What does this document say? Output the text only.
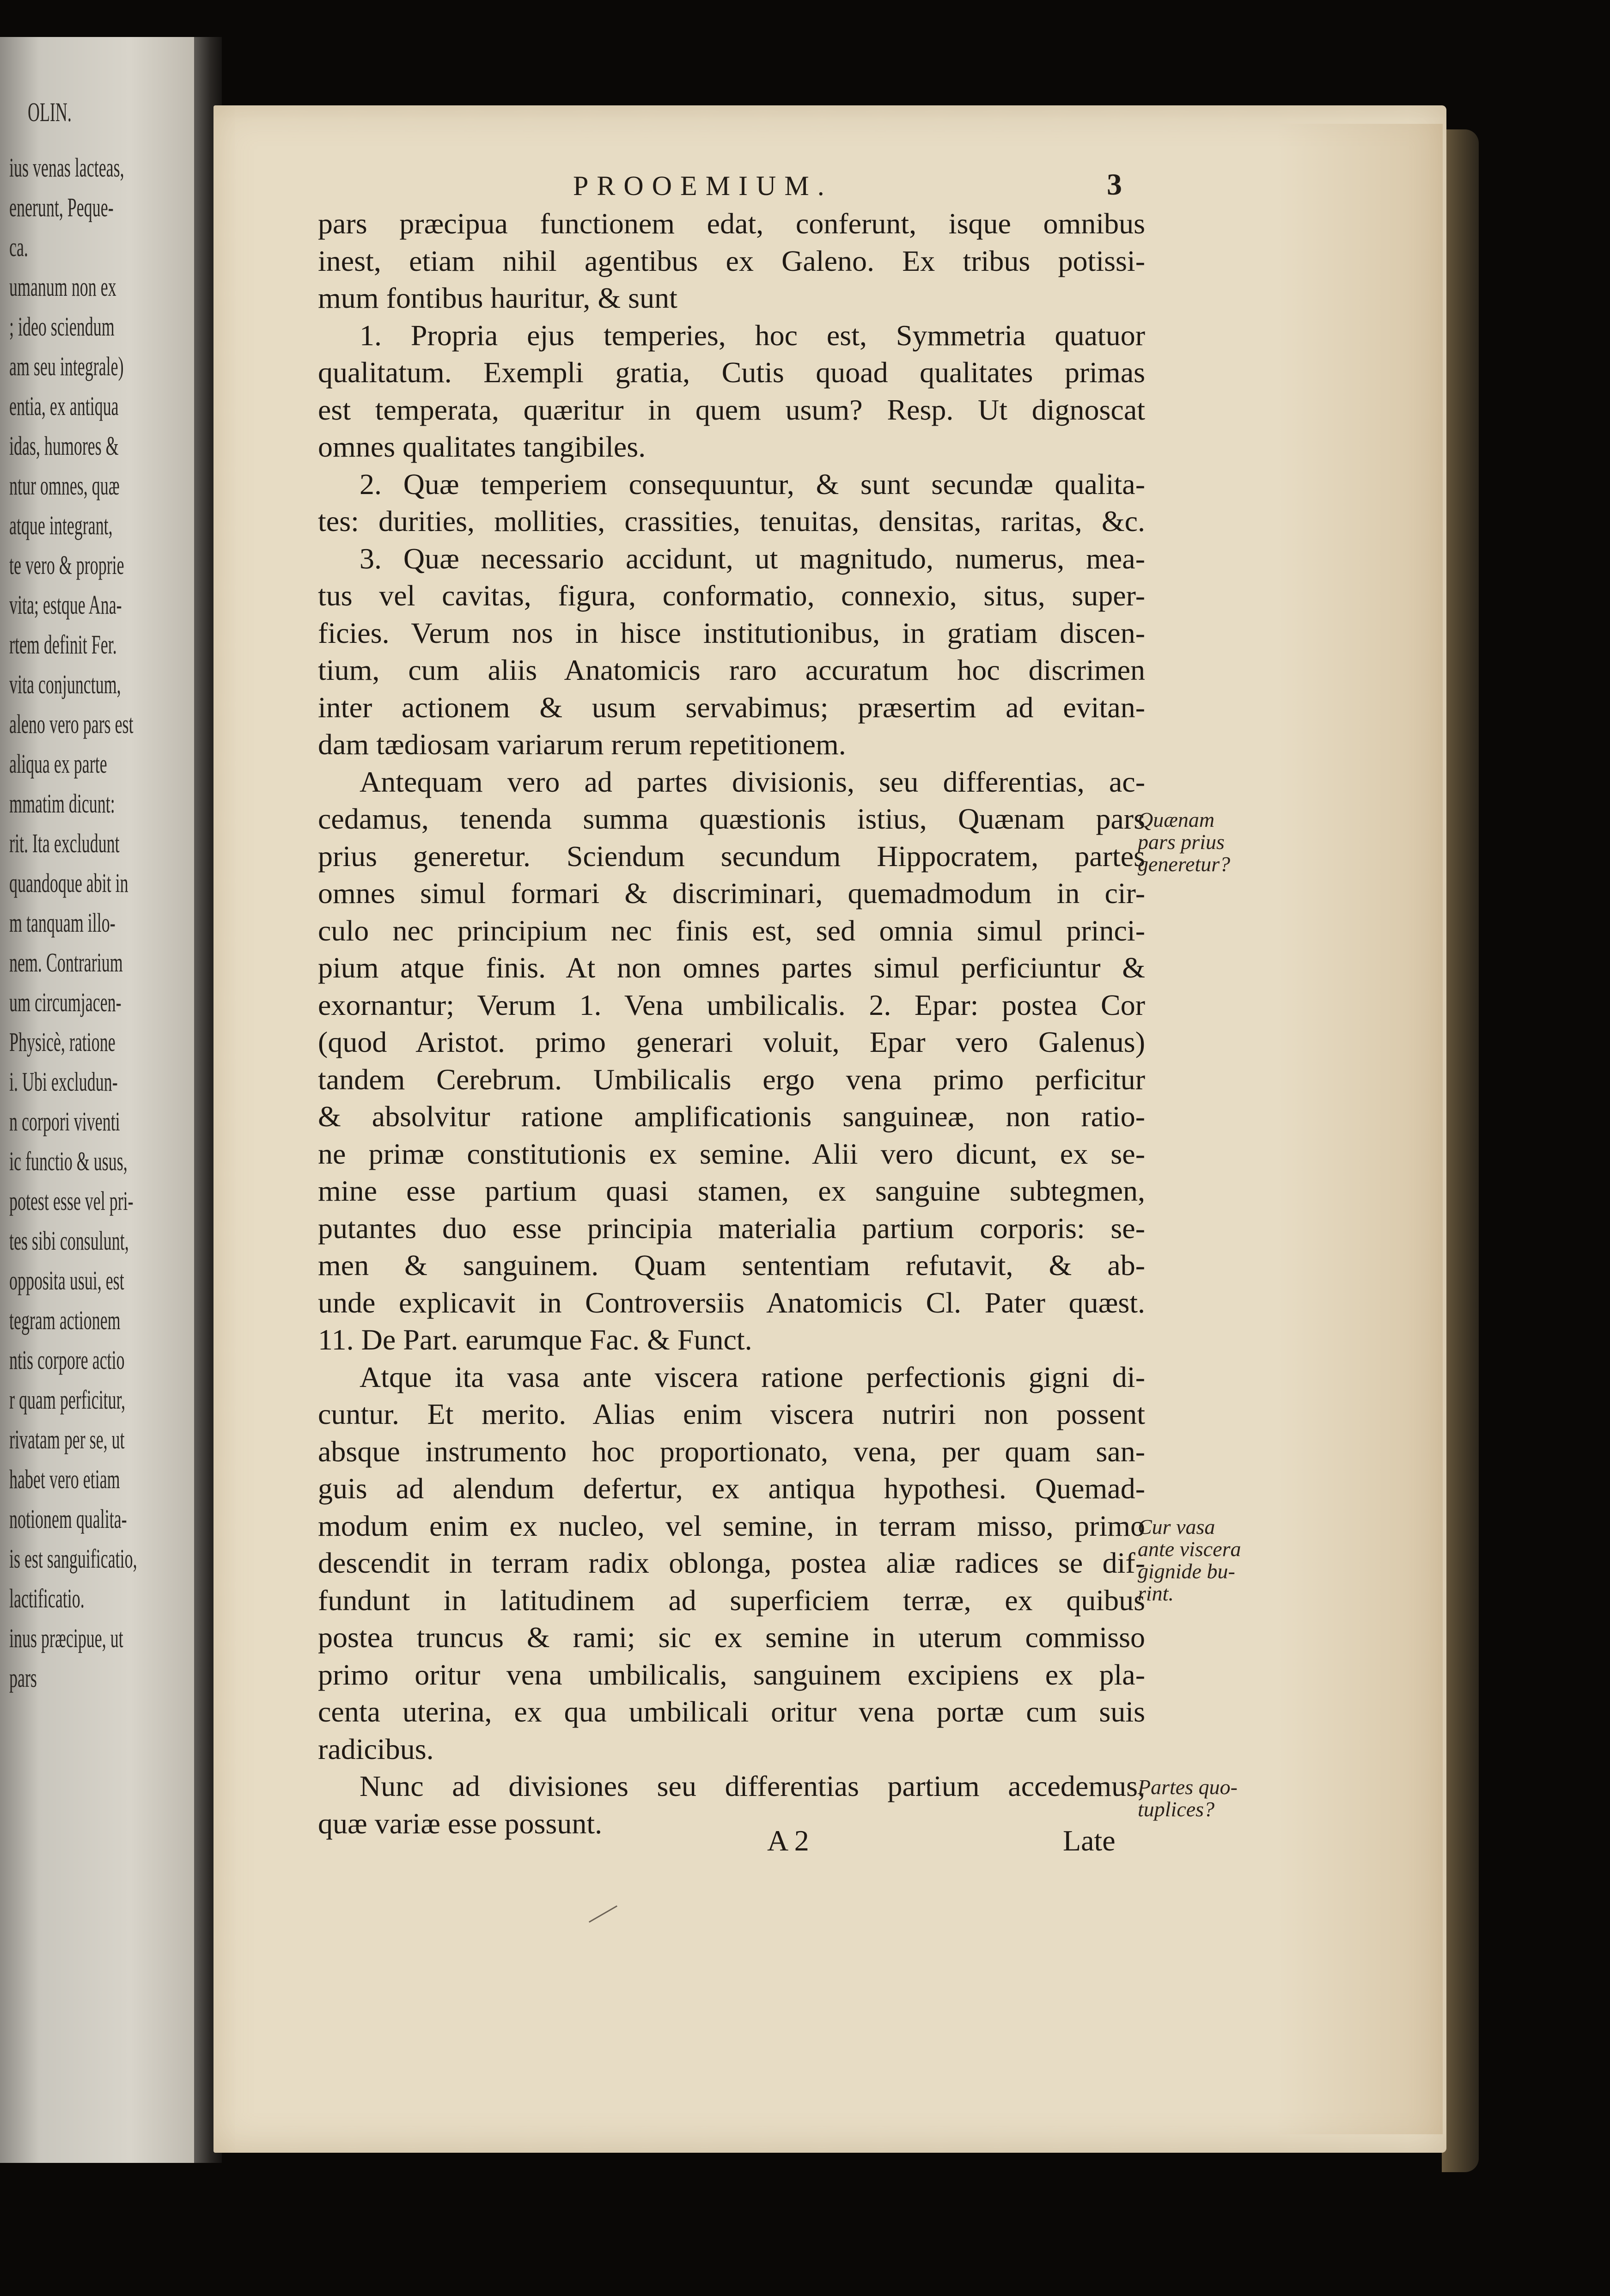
OLIN.
ius venas lacteas,
enerunt, Peque-
ca.
umanum non ex
; ideo sciendum
am seu integrale)
entia, ex antiqua
idas, humores &
ntur omnes, quæ
atque integrant,
te vero & proprie
vita; estque Ana-
rtem definit Fer.
vita conjunctum,
aleno vero pars est
aliqua ex parte
mmatim dicunt:
rit. Ita excludunt
quandoque abit in
m tanquam illo-
nem. Contrarium
um circumjacen-
Physicè, ratione
i. Ubi excludun-
n corpori viventi
ic functio & usus,
potest esse vel pri-
tes sibi consulunt,
opposita usui, est
tegram actionem
ntis corpore actio
r quam perficitur,
rivatam per se, ut
habet vero etiam
notionem qualita-
is est sanguificatio,
lactificatio.
inus præcipue, ut
pars
PROOEMIUM.	3
pars præcipua functionem edat, conferunt, isque omnibus
inest, etiam nihil agentibus ex Galeno. Ex tribus potissi-
mum fontibus hauritur, & sunt
1. Propria ejus temperies, hoc est, Symmetria quatuor
qualitatum. Exempli gratia, Cutis quoad qualitates primas
est temperata, quæritur in quem usum? Resp. Ut dignoscat
omnes qualitates tangibiles.
2. Quæ temperiem consequuntur, & sunt secundæ qualita-
tes: durities, mollities, crassities, tenuitas, densitas, raritas, &c.
3. Quæ necessario accidunt, ut magnitudo, numerus, mea-
tus vel cavitas, figura, conformatio, connexio, situs, super-
ficies. Verum nos in hisce institutionibus, in gratiam discen-
tium, cum aliis Anatomicis raro accuratum hoc discrimen
inter actionem & usum servabimus; præsertim ad evitan-
dam tædiosam variarum rerum repetitionem.
Antequam vero ad partes divisionis, seu differentias, ac-
cedamus, tenenda summa quæstionis istius, Quænam pars
prius generetur. Sciendum secundum Hippocratem, partes
omnes simul formari & discriminari, quemadmodum in cir-
culo nec principium nec finis est, sed omnia simul princi-
pium atque finis. At non omnes partes simul perficiuntur &
exornantur; Verum 1. Vena umbilicalis. 2. Epar: postea Cor
(quod Aristot. primo generari voluit, Epar vero Galenus)
tandem Cerebrum. Umbilicalis ergo vena primo perficitur
& absolvitur ratione amplificationis sanguineæ, non ratio-
ne primæ constitutionis ex semine. Alii vero dicunt, ex se-
mine esse partium quasi stamen, ex sanguine subtegmen,
putantes duo esse principia materialia partium corporis: se-
men & sanguinem. Quam sententiam refutavit, & ab-
unde explicavit in Controversiis Anatomicis Cl. Pater quæst.
11. De Part. earumque Fac. & Funct.
Atque ita vasa ante viscera ratione perfectionis gigni di-
cuntur. Et merito. Alias enim viscera nutriri non possent
absque instrumento hoc proportionato, vena, per quam san-
guis ad alendum defertur, ex antiqua hypothesi. Quemad-
modum enim ex nucleo, vel semine, in terram misso, primo
descendit in terram radix oblonga, postea aliæ radices se dif-
fundunt in latitudinem ad superficiem terræ, ex quibus
postea truncus & rami; sic ex semine in uterum commisso
primo oritur vena umbilicalis, sanguinem excipiens ex pla-
centa uterina, ex qua umbilicali oritur vena portæ cum suis
radicibus.
Nunc ad divisiones seu differentias partium accedemus,
quæ variæ esse possunt.
Quænam
pars prius
generetur?
Cur vasa
ante viscera
gignide bu-
rint.
Partes quo-
tuplices?
A 2	Late
